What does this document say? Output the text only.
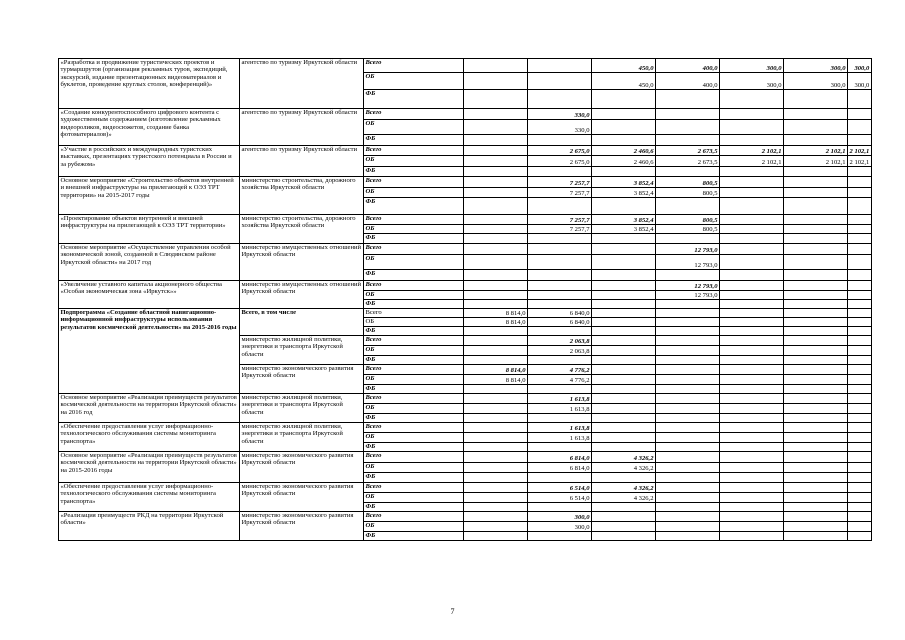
«Разработка и продвижение туристических проектов и турмаршрутов (организация рекламных туров, экспедиций, экскурсий, издание презентационных видеоматериалов и буклетов, проведение круглых столов, конференций)»	агентство по туризму Иркутской области	Всего			450,0	400,0	300,0	300,0	300,0
		ОБ			450,0	400,0	300,0	300,0	300,0
		ФБ							
«Создание конкурентоспособного цифрового контента с художественным содержанием (изготовление рекламных видеороликов, видеосюжетов, создание банка фотоматериалов)»	агентство по туризму Иркутской области	Всего		330,0					
		ОБ		330,0					
		ФБ							
«Участие в российских и международных туристских выставках, презентациях туристского потенциала в России и за рубежом»	агентство по туризму Иркутской области	Всего		2 675,0	2 460,6	2 673,5	2 102,1	2 102,1	2 102,1
		ОБ		2 675,0	2 460,6	2 673,5	2 102,1	2 102,1	2 102,1
		ФБ							
Основное мероприятие «Строительство объектов внутренней и внешней инфраструктуры на прилегающей к ОЭЗ ТРТ территории» на 2015-2017 годы	министерство строительства, дорожного хозяйства Иркутской области	Всего		7 257,7	3 852,4	800,5			
		ОБ		7 257,7	3 852,4	800,5			
		ФБ							
«Проектирование объектов внутренней и внешней инфраструктуры на прилегающей к ОЭЗ ТРТ территории»	министерство строительства, дорожного хозяйства Иркутской области	Всего		7 257,7	3 852,4	800,5			
		ОБ		7 257,7	3 852,4	800,5			
		ФБ							
Основное мероприятие «Осуществление управления особой экономической зоной, созданной в Слюдянском районе Иркутской области» на 2017 год	министерство имущественных отношений Иркутской области	Всего				12 793,0			
		ОБ				12 793,0			
		ФБ							
«Увеличение уставного капитала акционерного общества «Особая экономическая зона «Иркутск»»	министерство имущественных отношений Иркутской области	Всего				12 793,0			
		ОБ				12 793,0			
		ФБ							
Подпрограмма «Создание областной навигационно-информационной инфраструктуры использования результатов космической деятельности» на 2015-2016 годы	Всего, в том числе	Всего	8 814,0	6 840,0					
		ОБ	8 814,0	6 840,0					
		ФБ							
	министерство жилищной политики, энергетики и транспорта Иркутской области	Всего		2 063,8					
		ОБ		2 063,8					
		ФБ							
	министерство экономического развития Иркутской области	Всего	8 814,0	4 776,2					
		ОБ	8 814,0	4 776,2					
		ФБ							
Основное мероприятие «Реализация преимуществ результатов космической деятельности на территории Иркутской области» на 2016 год	министерство жилищной политики, энергетики и транспорта Иркутской области	Всего		1 613,8					
		ОБ		1 613,8					
		ФБ							
«Обеспечение предоставления услуг информационно-технологического обслуживания системы мониторинга транспорта»	министерство жилищной политики, энергетики и транспорта Иркутской области	Всего		1 613,8					
		ОБ		1 613,8					
		ФБ							
Основное мероприятие «Реализация преимуществ результатов космической деятельности на территории Иркутской области» на 2015-2016 годы	министерство экономического развития Иркутской области	Всего		6 814,0	4 326,2				
		ОБ		6 814,0	4 326,2				
		ФБ							
«Обеспечение предоставления услуг информационно-технологического обслуживания системы мониторинга транспорта»	министерство экономического развития Иркутской области	Всего		6 514,0	4 326,2				
		ОБ		6 514,0	4 326,2				
		ФБ							
«Реализация преимуществ РКД на территории Иркутской области»	министерство экономического развития Иркутской области	Всего		300,0					
		ОБ		300,0					
		ФБ							
7
